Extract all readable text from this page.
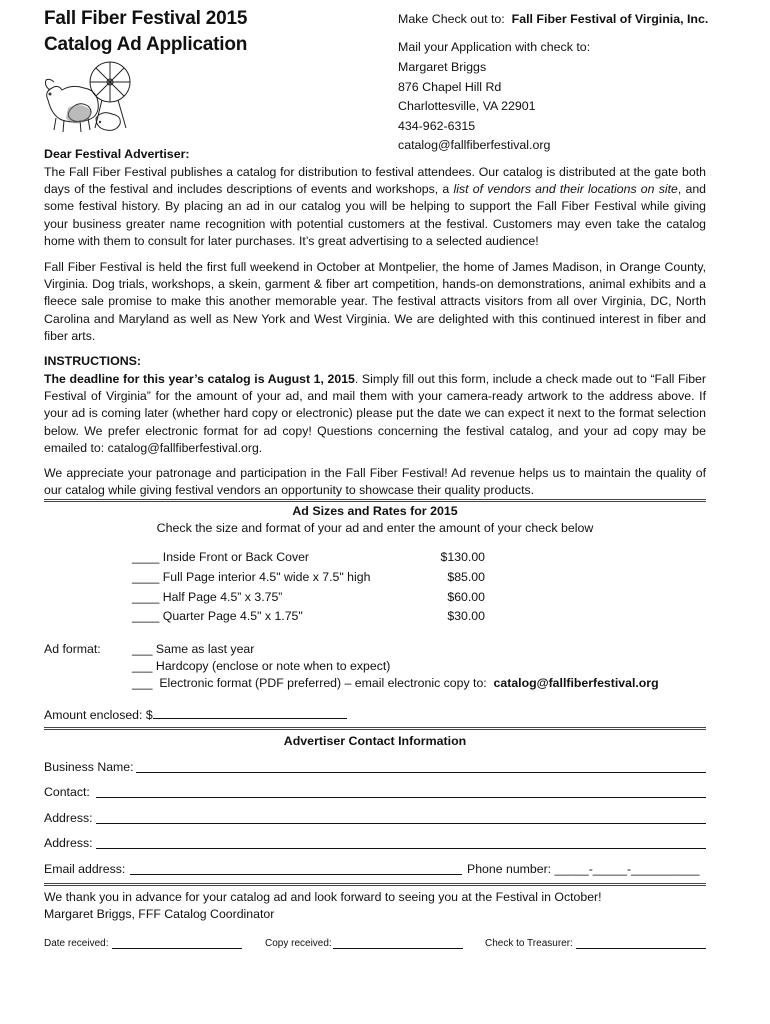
Fall Fiber Festival 2015
Catalog Ad Application
Make Check out to: Fall Fiber Festival of Virginia, Inc.
Mail your Application with check to:
Margaret Briggs
876 Chapel Hill Rd
Charlottesville, VA 22901
434-962-6315
catalog@fallfiberfestival.org
Dear Festival Advertiser:
The Fall Fiber Festival publishes a catalog for distribution to festival attendees. Our catalog is distributed at the gate both days of the festival and includes descriptions of events and workshops, a list of vendors and their locations on site, and some festival history. By placing an ad in our catalog you will be helping to support the Fall Fiber Festival while giving your business greater name recognition with potential customers at the festival. Customers may even take the catalog home with them to consult for later purchases. It’s great advertising to a selected audience!
Fall Fiber Festival is held the first full weekend in October at Montpelier, the home of James Madison, in Orange County, Virginia. Dog trials, workshops, a skein, garment & fiber art competition, hands-on demonstrations, animal exhibits and a fleece sale promise to make this another memorable year. The festival attracts visitors from all over Virginia, DC, North Carolina and Maryland as well as New York and West Virginia. We are delighted with this continued interest in fiber and fiber arts.
INSTRUCTIONS:
The deadline for this year’s catalog is August 1, 2015. Simply fill out this form, include a check made out to “Fall Fiber Festival of Virginia” for the amount of your ad, and mail them with your camera-ready artwork to the address above. If your ad is coming later (whether hard copy or electronic) please put the date we can expect it next to the format selection below. We prefer electronic format for ad copy! Questions concerning the festival catalog, and your ad copy may be emailed to: catalog@fallfiberfestival.org.
We appreciate your patronage and participation in the Fall Fiber Festival! Ad revenue helps us to maintain the quality of our catalog while giving festival vendors an opportunity to showcase their quality products.
Ad Sizes and Rates for 2015
Check the size and format of your ad and enter the amount of your check below
____ Inside Front or Back Cover	$130.00
____ Full Page interior 4.5" wide x 7.5" high	$85.00
____ Half Page 4.5” x 3.75”	$60.00
____ Quarter Page 4.5" x 1.75"	$30.00
Ad format:	___ Same as last year
___ Hardcopy (enclose or note when to expect)
___  Electronic format (PDF preferred) – email electronic copy to:  catalog@fallfiberfestival.org
Amount enclosed: $
Advertiser Contact Information
Business Name:
Contact:
Address:
Address:
Email address:	Phone number: _____-_____-__________
We thank you in advance for your catalog ad and look forward to seeing you at the Festival in October!
Margaret Briggs, FFF Catalog Coordinator
Date received:	Copy received:	Check to Treasurer:
